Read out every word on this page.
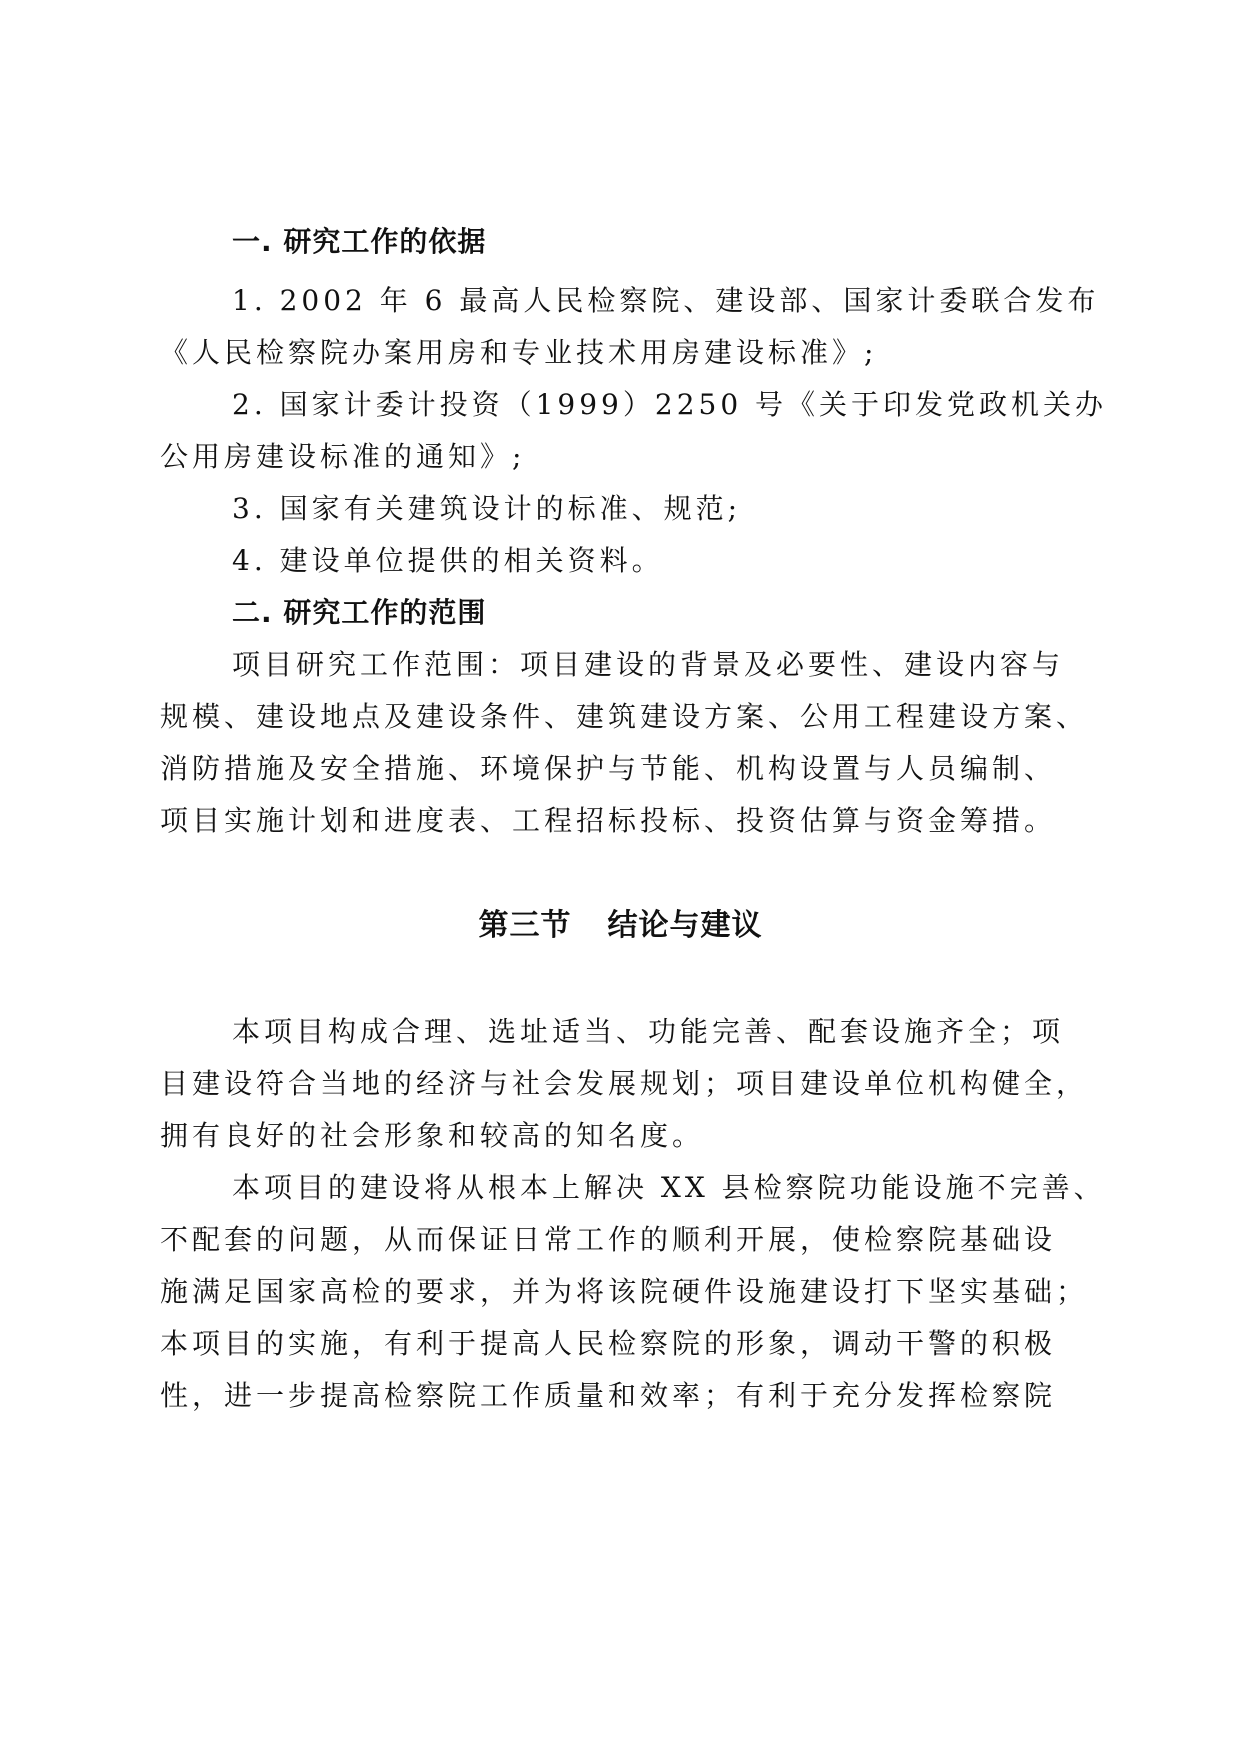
一. 研究工作的依据
1. 2002 年 6 最高人民检察院、建设部、国家计委联合发布
《人民检察院办案用房和专业技术用房建设标准》;
2. 国家计委计投资（1999）2250 号《关于印发党政机关办
公用房建设标准的通知》;
3. 国家有关建筑设计的标准、规范;
4. 建设单位提供的相关资料。
二. 研究工作的范围
项目研究工作范围：项目建设的背景及必要性、建设内容与
规模、建设地点及建设条件、建筑建设方案、公用工程建设方案、
消防措施及安全措施、环境保护与节能、机构设置与人员编制、
项目实施计划和进度表、工程招标投标、投资估算与资金筹措。
第三节 结论与建议
本项目构成合理、选址适当、功能完善、配套设施齐全；项
目建设符合当地的经济与社会发展规划；项目建设单位机构健全，
拥有良好的社会形象和较高的知名度。
本项目的建设将从根本上解决 XX 县检察院功能设施不完善、
不配套的问题，从而保证日常工作的顺利开展，使检察院基础设
施满足国家高检的要求，并为将该院硬件设施建设打下坚实基础；
本项目的实施，有利于提高人民检察院的形象，调动干警的积极
性，进一步提高检察院工作质量和效率；有利于充分发挥检察院
